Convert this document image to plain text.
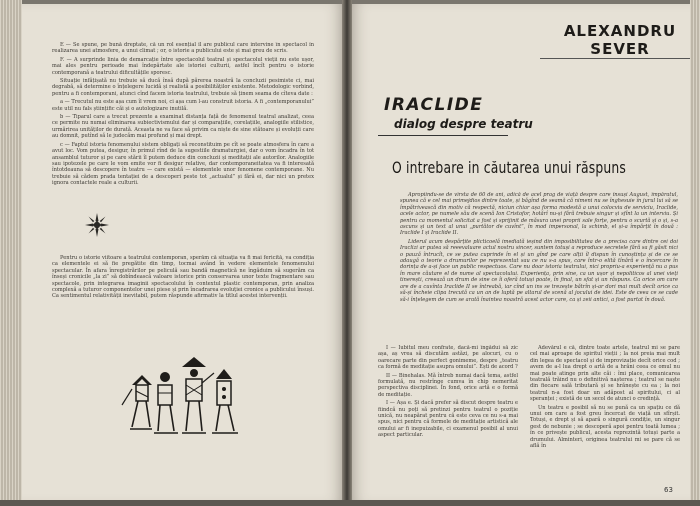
E — Se spune, pe bună dreptate, că un rol esențial îl are publicul care intervine în spectacol în realizarea unei atmosfere, a unui climat ; or, o istorie a publicului este și mai greu de scris.

F. — A surprinde linia de demarcație între spectacolul teatral și spectacolul vieții nu este ușor, mai ales pentru perioade mai îndepărtate ale istoriei culturii, astfel încît pentru o istorie contemporană a teatrului dificultățile sporesc.

Situație infățișată nu trebuie să ducă însă după părerea noastră la concluzii pesimiste ci, mai degrabă, să determine o înțelegere lucidă și realistă a posibilităților existente. Metodologic vorbind, pentru a fi contemporani, atunci cînd facem istoria teatrului, trebuie să ținem seama de cîteva date :

a — Trecutul nu este așa cum îl vrem noi, ci așa cum l-au construit istoria. A fi „contemporanului” este util nu fals științific căi și o autologizare inutilă.

b — Tiparul care a trecut prezente a examinat distanța față de fenomenul teatral analizat, ceea ce permite nu numai eliminarea subiectivismului dar și comparațiile, corelațiile, analogiile stilistice, urmărirea unităților de durată. Aceasta ne va face să privim ca niște de sine stătoare și evoluții care au domnit, putînd să le judecăm mai profund și mai drept.

c — Faptul istoria fenomenului sistem obligați să reconstituim pe cît se poate atmosfera în care a avut loc. Vom putea, desigur, în primul rînd de la sugestiile dramaturgiei, dar o vom încadra în tot ansamblul tuturor și pe care stării îl putem deduce din concluzii și meditații ale autorilor. Analogiile sau ipotezele pe care le vom emite vor fi desigur relative, dar contemporaneitatea va fi interesată întotdeauna să descopere în teatru — care există — elementele unor fenomene contemporane. Nu trebuie să cădem prada tentației de a descoperi peste tot „actualul” și fără ei, dar nici un pretex ignora contactele reale a culturii.

Pentru o istorie viitoare a teatrului contemporan, sperăm că situația va fi mai fericită, va condiția ca elementele ei să fie pregătite din timp, tocmai având în vedere elementele fenomenului spectacular. În afara înregistrărilor pe peliculă sau bandă magnetică ne îngăduim să sugerăm ca înseși cronicile „la zi” să dobîndească valoare istorice prin conservarea unor texte fragmentare sau spectacole, prin integrarea imaginii spectacolului în contextul plastic contemporan, prin analiza complexă a tuturor componentelor unei piese și prin încadrarea evoluției cronice a publicului însuși. Ca sentimentul relativității inevitabil, putem răspunde afirmativ la titlul acestei intervenții.

ALEXANDRU
SEVER
IRACLIDE
dialog despre teatru
O intrebare in căutarea unui răspuns

Apropiindu-se de vîrsta de 60 de ani, adică de acel prag de viață despre care însuși August, împăratul, spunea că e cel mai primejdios dintre toate, și băgînd de seamă că nimeni nu se înghesuie în jurul lui să se împătrivească din motiv că respectă, niciun chiar așa forma modestă a unui colocviu de serviciu, Iraclide, acele actor, pe numele său de scenă Ion Cristofor, hotărî nu-și fără trebuie singur și sfînt la un interviu. Și pentru ca momentul solicitat a fost și sprijinit de măsura unei proprii sale forțe, pentru o scurtă și o și, s-a ascuns și un text al unui „purtător de cuvînt”, în mod impersonal, la schimb, el și-a împărțit în două : Iraclide I și Iraclide II.

Liderul acum despărțite plicticoelă imediată ieșind din imposibilitatea de a precisa care dintre cei doi Iraclizi ar putea să reeevaluare actul nostru sincer, suntem totuși a reproduce secretele fără sa fi găsit nici o pauză întrucît, ce se putea cuprinde în el și un gînd pe care alții îl dispun în cunoștința și de ce se adaugă o teorie a drumurilor pe reprezentat sau ce nu s-a spus, care într-o elită tînără e o încercare în dorința de a-și face un public respectuos. Care nu doar istoria teatrului, nici propriu-a experiență nu a pus în mare căutare el de nume al spectacolului. Experiența, prin sine, ca un ușor și nepoliticos al unei vieți tinerești, creează un drum de sine ce îi oferă totuși poate, în final, un sfat și un răspuns. Ca orice om care are de a cuvînta Iraclide II se întreabă, iar cînd un ins se trezește bătrîn și-ar dori mai mult decît orice ca să-și încheie clipa trecută ca un an de luptă pe altarul de scenă al jocului de idei. Este de ceea ce se cade să-i înțelegem de cum se arată înaintea noastră acest actor care, ca și zeii antici, a fost purtat în două.

I — Iubitul meu confrate, dacă-mi îngădui să zic așa, aș vrea să discutăm astăzi, pe alocuri, cu o oarecare parte din perfect gonimeme, despre „teatru ca formă de meditație asupra omului”. Ești de acord ?

II — Binehalas. Mă întreb numai dacă tema, astfel formulată, nu restrînge cumva în chip nemeritat perspectiva disciplinei. În fond, orice artă e o formă de meditație.

I — Așa e. Și dacă prefer să discut despre teatru e fiindcă nu poți să pretinzi pentru teatrul o poziție unică, nu neapărat pentru că este ceva ce nu s-a mai spus, nici pentru că formele de meditație artistică ale omului ar fi inepuizabile, ci examenul posibil al unui aspect particular.

Adevărul e că, dintre toate artele, teatrul mi se pare cel mai aproape de spiritul vieții ; la noi preia mai mult din legea de spectacol și de improvizație decît orice cod ; avem de a-l lua drept o artă de a hrăni ceea ce omul nu mai poate atinge prin alte căi : îmi place, comunicarea teatrală trăind nu o definitivă nașterea ; teatrul se naște din fiecare sală tributară și se hrănește cu ea ; la noi teatrul n-a fost doar un adăpost al spiritului, ci al speranței ; există de un secol de atunci o credință.

Un teatru e posibil să nu se pună ca un spațiu ce dă unui om care a fost greu încercat de viață un sfîrșit. Totuși, e drept și să apară o singură condiție, un singur gest de nebunie ; se descoperă apoi pentru toată lumea ; în ce privește publicul, acesta reprezintă totuși parte a drumului. Alminteri, originea teatrului mi se pare că se află în

63
